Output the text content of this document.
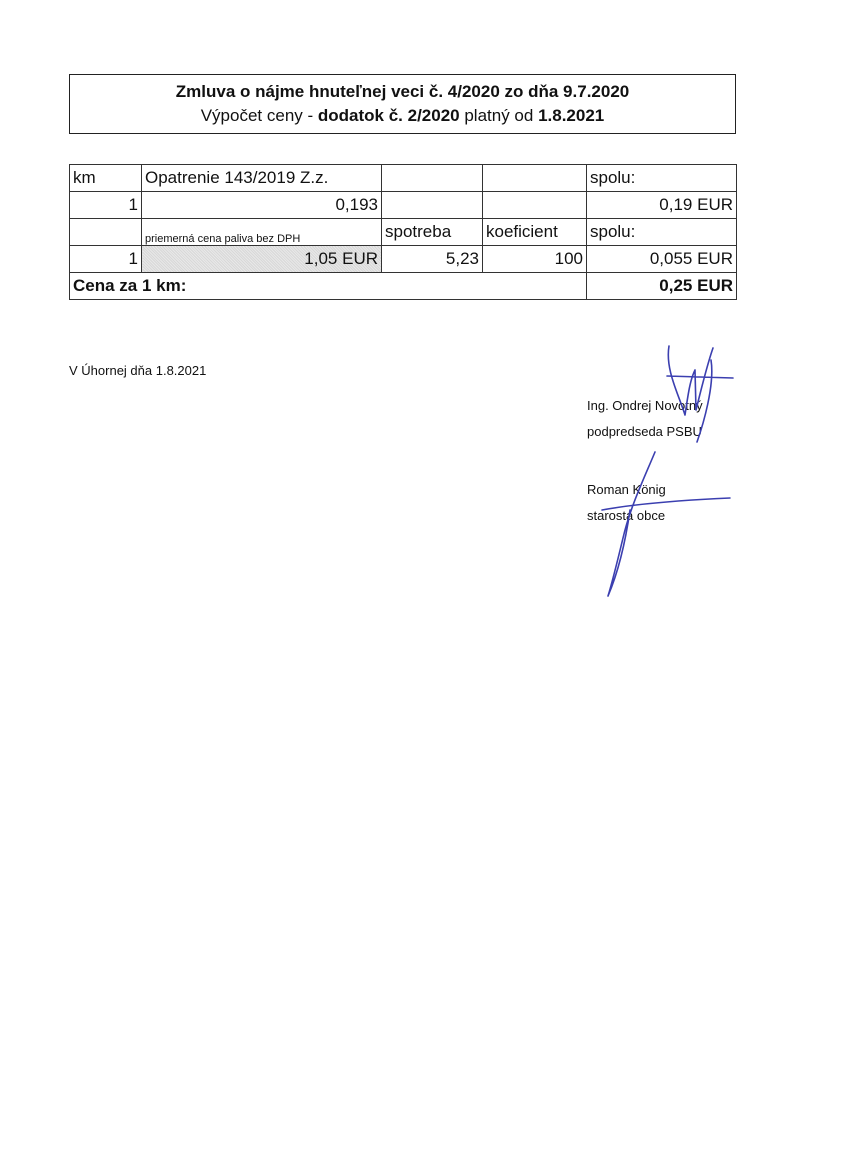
Zmluva o nájme hnuteľnej veci č. 4/2020 zo dňa 9.7.2020
Výpočet ceny - dodatok č. 2/2020 platný od 1.8.2021
km	Opatrenie 143/2019 Z.z.			spolu:
1	0,193			0,19 EUR
	priemerná cena paliva bez DPH	spotreba	koeficient	spolu:
1	1,05 EUR	5,23	100	0,055 EUR
Cena za 1 km:				0,25 EUR
V Úhornej dňa 1.8.2021
Ing. Ondrej Novotný
podpredseda PSBU
Roman König
starosta obce
